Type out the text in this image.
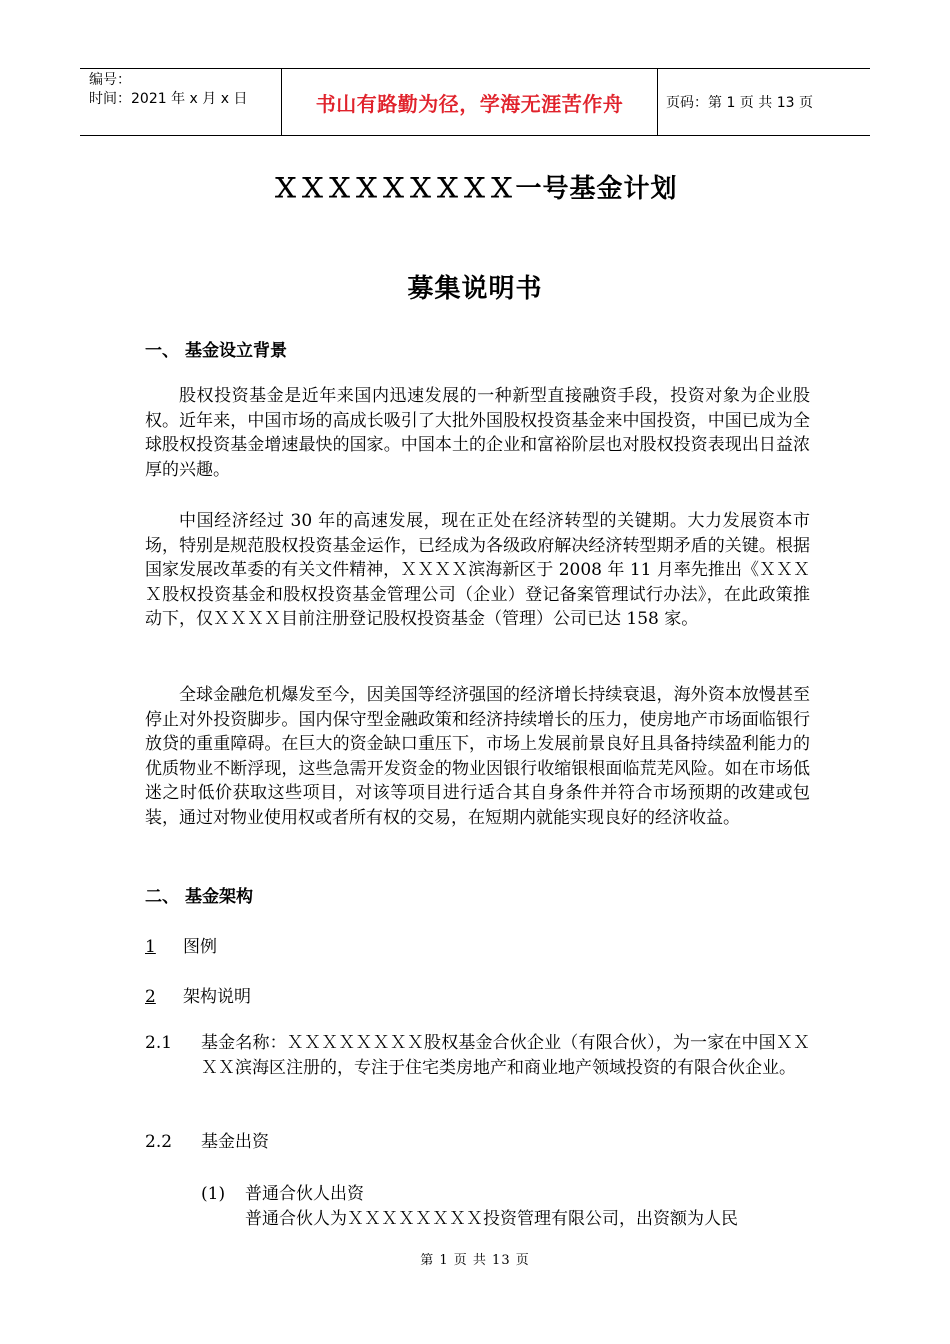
编号：
时间：2021 年 x 月 x 日	书山有路勤为径，学海无涯苦作舟	页码：第 1 页 共 13 页
ＸＸＸＸＸＸＸＸＸ一号基金计划
募集说明书
一、 基金设立背景
股权投资基金是近年来国内迅速发展的一种新型直接融资手段，投资对象为企业股权。近年来，中国市场的高成长吸引了大批外国股权投资基金来中国投资，中国已成为全球股权投资基金增速最快的国家。中国本土的企业和富裕阶层也对股权投资表现出日益浓厚的兴趣。
中国经济经过 30 年的高速发展，现在正处在经济转型的关键期。大力发展资本市场，特别是规范股权投资基金运作，已经成为各级政府解决经济转型期矛盾的关键。根据国家发展改革委的有关文件精神，ＸＸＸＸ滨海新区于 2008 年 11 月率先推出《ＸＸＸＸ股权投资基金和股权投资基金管理公司（企业）登记备案管理试行办法》，在此政策推动下，仅ＸＸＸＸ目前注册登记股权投资基金（管理）公司已达 158 家。
全球金融危机爆发至今，因美国等经济强国的经济增长持续衰退，海外资本放慢甚至停止对外投资脚步。国内保守型金融政策和经济持续增长的压力，使房地产市场面临银行放贷的重重障碍。在巨大的资金缺口重压下，市场上发展前景良好且具备持续盈利能力的优质物业不断浮现，这些急需开发资金的物业因银行收缩银根面临荒芜风险。如在市场低迷之时低价获取这些项目，对该等项目进行适合其自身条件并符合市场预期的改建或包装，通过对物业使用权或者所有权的交易，在短期内就能实现良好的经济收益。
二、 基金架构
1 图例
2 架构说明
2.1	基金名称：ＸＸＸＸＸＸＸＸ股权基金合伙企业（有限合伙），为一家在中国ＸＸＸＸ滨海区注册的，专注于住宅类房地产和商业地产领域投资的有限合伙企业。
2.2	基金出资
(1)	普通合伙人出资
普通合伙人为ＸＸＸＸＸＸＸＸ投资管理有限公司，出资额为人民
第 1 页 共 13 页
